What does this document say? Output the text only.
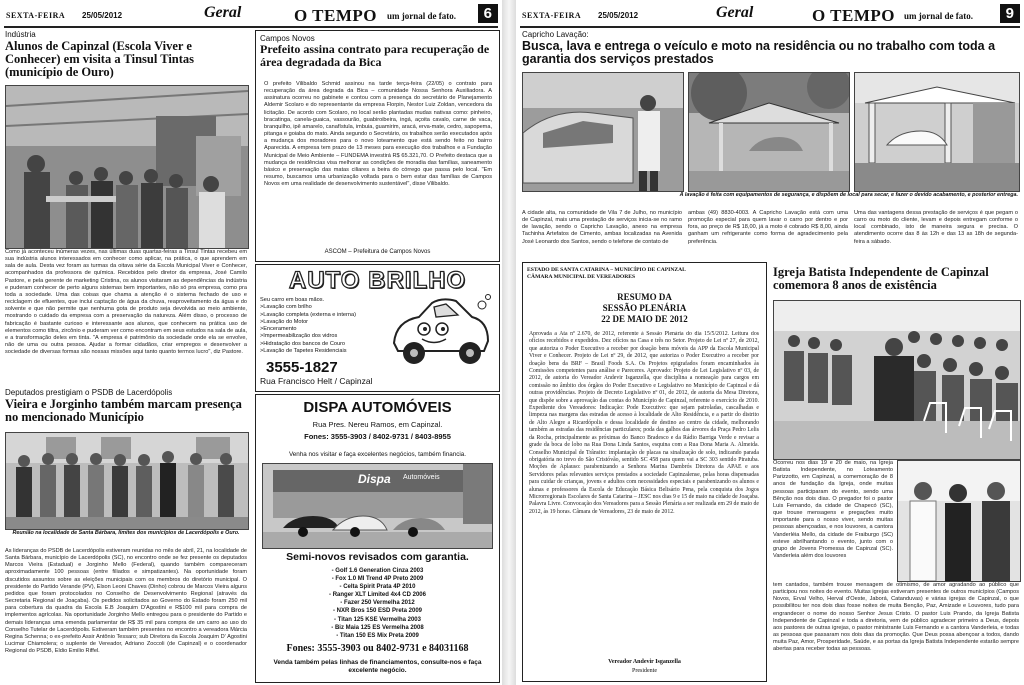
SEXTA-FEIRA 25/05/2012	Geral	O TEMPO um jornal de fato.	6
Indústria
Alunos de Capinzal (Escola Viver e Conhecer) em visita a Tinsul Tintas (município de Ouro)

Como já aconteceu inúmeras vezes, nas últimas duas quartas-feiras a Tinsul Tintas recebeu em sua indústria alunos interessados em conhecer como aplicar, na prática, o que aprendem em sala de aula. Desta vez foram as turmas da oitava série da Escola Municipal Viver e Conhecer, acompanhados da professora de química. Recebidos pelo diretor da empresa, José Camilo Pastore, e pela gerente de marketing Cristina, os alunos visitaram as dependências da indústria e puderam conhecer de perto alguns sistemas bem importantes, não só pra empresa, como pra toda a sociedade. Uma das coisas que chama a atenção é o sistema fechado de uso e reciclagem de efluentes, que inclui captação de água da chuva, reaproveitamento da água e do solvente e que não permite que nenhuma gota de produto seja devolvida ao meio ambiente, mostrando o cuidado da empresa com a preservação da natureza. Além disso, o processo de fabricação é bastante curioso e interessante aos alunos, que conhecem na prática uso de elementos como tiltra, zircônio e puderam ver como encontram em seus estudos na sala de aula, e a transformação deles em tinta. "A empresa é patrimônio da sociedade onde ela se envolve, não de uma ou outra pessoa. Ajudar a formar cidadãos, criar empregos e desenvolver a sociedade de diversas formas são nossas missões aqui tanto quanto termos lucro", diz Pastore.

Deputados prestigiam o PSDB de Lacerdópolis
Vieira e Jorginho também marcam presença no mencionado Município
Reunião na localidade de Santa Bárbara, limites dos municípios de Lacerdópolis e Ouro.

As lideranças do PSDB de Lacerdópolis estiveram reunidas no mês de abril, 21, na localidade de Santa Bárbara, município de Lacerdópolis (SC), no encontro onde se fez presente os deputados Marcos Vieira (Estadual) e Jorginho Mello (Federal), quando também compareceram aproximadamente 100 pessoas (entre filiados e simpatizantes). Na oportunidade foram discutidos assuntos sobre as eleições municipais com os membros do diretório municipal. O presidente do Partido Verande (PV), Elson Leoni Chaves (Dinho) cobrou de Marcos Vieira alguns pedidos que foram protocolados no Conselho de Desenvolvimento Regional (através da Secretaria Regional de Joaçaba). Os pedidos solicitados ao Governo do Estado foram 250 mil para cobertura da quadra da Escola E.B Joaquim D'Agostini e R$100 mil para compra de implementos agrícolas. Na oportunidade Jorginho Mello entregou para o presidente do Partido e demais lideranças uma emenda parlamentar de R$ 35 mil para compra de um carro ao uso do Conselho Tutelar de Lacerdópolis. Estiveram também presentes no encontro a vereadora Márcia Regina Schenna; o ex-prefeito Assir Antônio Tessaro; sub Diretora da Escola Joaquim D' Agostini Lucimar Chiamolera; o suplente de Vereador, Adriano Zoccoli (de Capinzal) e o coordenador Regional do PSDB, Eldio Emilio Riffel.

Campos Novos
Prefeito assina contrato para recuperação de área degradada da Bica

O prefeito Vilibaldo Schmid assinou na tarde terça-feira (22/05) o contrato para recuperação da área degrada da Bica – comunidade Nossa Senhora Auxiliadora. A assinatura ocorreu no gabinete e contou com a presença do secretário de Planejamento Aldemir Scolaro e do representante da empresa Florpin, Nestor Luiz Zoldan, vencedora da licitação. De acordo com Scolaro, no local serão plantadas mudas nativas como: pinheiro, bracatinga, canela-guaica, vassourão, guabiroibeira, ingá, açoita cavalo, carne de vaca, branquilho, ipê amarelo, canafístula, imbuia, guamirim, aracá, erva-mate, cedro, sapopema, pitanga e goiaba do mato. Ainda segundo o Secretário, os trabalhos serão executados após a mudança dos moradores para o novo loteamento que está sendo feito no bairro Aparecida. A empresa tem prazo de 13 meses para execução dos trabalhos e a Fundação Municipal de Meio Ambiente – FUNDEMA investirá R$ 65.321,70. O Prefeito destaca que a mudança de residências visa melhorar as condições de moradia das famílias, saneamento básico e preservação das matas ciliares a beira do córrego que passa pelo local. "Em resumo, buscamos uma urbanização voltada para o bem estar das famílias de Campos Novos em uma realidade de desenvolvimento sustentável", disse Vilibaldo.

ASCOM – Prefeitura de Campos Novos
AUTO BRILHO
Seu carro em boas mãos.
>Lavação com brilho
>Lavação completa (externa e interna)
>Lavação do Motor
>Enceramento
>Impermeabilização dos vidros
>Hidratação dos bancos de Couro
>Lavação de Tapetes Residenciais
3555-1827
Rua Francisco Helt / Capinzal
DISPA AUTOMÓVEIS
Rua Pres. Nereu Ramos, em Capinzal.
Fones: 3555-3903 / 8402-9731 / 8403-8955
Venha nos visitar e faça excelentes negócios, também financia.
Dispa Automóveis
Semi-novos revisados com garantia.
- Golf 1.6 Generation Cinza 2003
- Fox 1.0 MI Trend 4P Preto 2009
- Celta Spirit Prata 4P 2010
- Ranger XLT Limited 4x4 CD 2006
- Fazer 250 Vermelha 2012
- NXR Bros 150 ESD Preta 2009
- Titan 125 KSE Vermelha 2003
- Biz Maia 125 ES Vermelha 2008
- Titan 150 ES Mix Preta 2009
Fones: 3555-3903 ou 8402-9731 e 84031168
Venda também pelas linhas de financiamentos, consulte-nos e faça excelente negócio.
SEXTA-FEIRA 25/05/2012	Geral	O TEMPO um jornal de fato.	9
Capricho Lavação:
Busca, lava e entrega o veículo e moto na residência ou no trabalho com toda a garantia dos serviços prestados
A lavação é feita com equipamentos de segurança, e dispõem de local para secar, e fazer o devido acabamento, e posterior entrega.

A cidade alta, na comunidade de Vila 7 de Julho, no município de Capinzal, mais uma prestação de serviços inicia-se no ramo de lavação, sendo o Capricho Lavação, anexo na empresa Tachinha Artefatos de Cimento, ambas localizadas na Avenida José Leonardo dos Santos, sendo o telefone de contato de

ambas (49) 8830-4003. A Capricho Lavação está com uma promoção especial para quem lavar o carro por dentro e por fora, ao preço de R$ 18,00, já a moto é cobrado R$ 8,00, ainda ganham um refrigerante como forma de agradecimento pela preferência.

Uma das vantagens dessa prestação de serviços é que pegam o carro ou moto do cliente, levam e depois entregam conforme o local combinado, isto de maneira segura e precisa. O atendimento ocorre das 8 às 12h e das 13 as 18h de segunda-feira a sábado.

ESTADO DE SANTA CATARINA – MUNICÍPIO DE CAPINZAL
CÂMARA MUNICIPAL DE VEREADORES
RESUMO DA
SESSÃO PLENÁRIA
22 DE MAIO DE 2012

Aprovada a Ata nº 2.670, de 2012, referente à Sessão Plenária do dia 15/5/2012. Leitura dos ofícios recebidos e expedidos. Dez ofícios na Casa e três no Setor. Projeto de Lei nº 27, de 2012, que autoriza o Poder Executivo a receber por doação bens móveis da APP da Escola Municipal Viver e Conhecer. Projeto de Lei nº 29, de 2012, que autoriza o Poder Executivo a receber por doação bens da BRF – Brasil Foods S.A. Os Projetos epigrafados foram encaminhados às Comissões competentes para análise e Pareceres. Aprovado: Projeto de Lei Legislativo nº 03, de 2012, de autoria do Vereador Andevir Isganzella, que disciplina a nomeação para cargos em comissão no âmbito dos órgãos do Poder Executivo e Legislativo no Município de Capinzal e dá outras providências. Projeto de Decreto Legislativo nº 01, de 2012, de autoria da Mesa Diretora, que dispõe sobre a aprovação das contas do Município de Capinzal, referente o exercício de 2010. Expediente dos Vereadores: Indicação: Pode Executivo: que sejam patroladas, cascalhadas e limpeza nas margens das estradas de acesso à localidade de Alto Residência, e a partir do distrito de Alto Alegre a Ricardópolis e dessa localidade de destino ao centro da cidade, melhorando também as estradas das residências particulares; poda das galhos das árvores da Praça Pedro Lelis da Rocha, principalmente as próximas do Banco Bradesco e da Rádio Barriga Verde e revisar a grade da boca de lobo na Rua Dona Linda Santos, esquina com a Rua Dona Maria A. Almeida. Conselho Municipal de Trânsito: implantação de placas na sinalização de solo, indicando parada obrigatória no trevo do São Cristóvão, sentido SC 458 para quem vai a SC 303 sentido Piratuba. Moções de Aplauso: parabenizando a Senhora Marina Dambrós Diretora da APAE e aos Servidores pelas relevantes serviços prestados a sociedade Capinzalense, pelas horas dispensadas para cuidar de crianças, jovens e adultos com necessidades especiais e parabenizando os alunos e alunas e professores da Escola de Educação Básica Belisário Pena, pela conquista dos Jogos Microrregionais Escolares de Santa Catarina – JESC nos dias 9 e 15 de maio na cidade de Joaçaba. Palavra Livre. Convocação dos Vereadores para a Sessão Plenária a ser realizada em 29 de maio de 2012, às 19 horas. Câmara de Vereadores, 23 de maio de 2012.

Vereador Andevir Isganzella
Presidente
Igreja Batista Independente de Capinzal comemora 8 anos de existência

Ocorreu nos dias 19 e 20 de maio, na Igreja Batista Independente, no Loteamento Parizzotto, em Capinzal, a comemoração de 8 anos de fundação da Igreja, onde muitas pessoas participaram do evento, sendo uma Bênção nos dois dias. O pregador foi o pastor Luis Fernando, da cidade de Chapecó (SC), que trouxe mensagens e pregações muito importante para o nosso viver, sendo muitas pessoas abençoadas, e nos louvores, a cantora Vanderléia Mello, da cidade de Fraiburgo (SC) esteve abrilhantando o evento, junto com o grupo de Jovens Promessa de Capinzal (SC). Vanderleia além dos louvores

tem cantados, também trouxe mensagem de otimismo, de amor agradando ao público que participou nos noites do evento. Muitas igrejas estiveram presentes de outros municípios (Campos Novos, Erval Velho, Herval d'Oeste, Jaborá, Catanduvas) e várias igrejas de Capinzal, o que possibilitou ter nos dois dias fosse noites de muita Benção, Paz, Amizade e Louvores, tudo para engrandecer o nome do nosso Senhor Jesus Cristo. O pastor Luis Prando, da Igreja Batista Independente de Capinzal e toda a diretoria, vem de público agradecer primeiro a Deus, depois aos pastores de outras igrejas, o pastor ministrante Luis Fernando e a cantora Vanderleia, e todas as pessoas que passaram nos dois dias da promoção. Que Deus possa abençoar a todos, dando muita Paz, Amor, Prosperidade, Saúde, e as portas da Igreja Batista Independente estarão sempre abertas para receber todas as pessoas.
